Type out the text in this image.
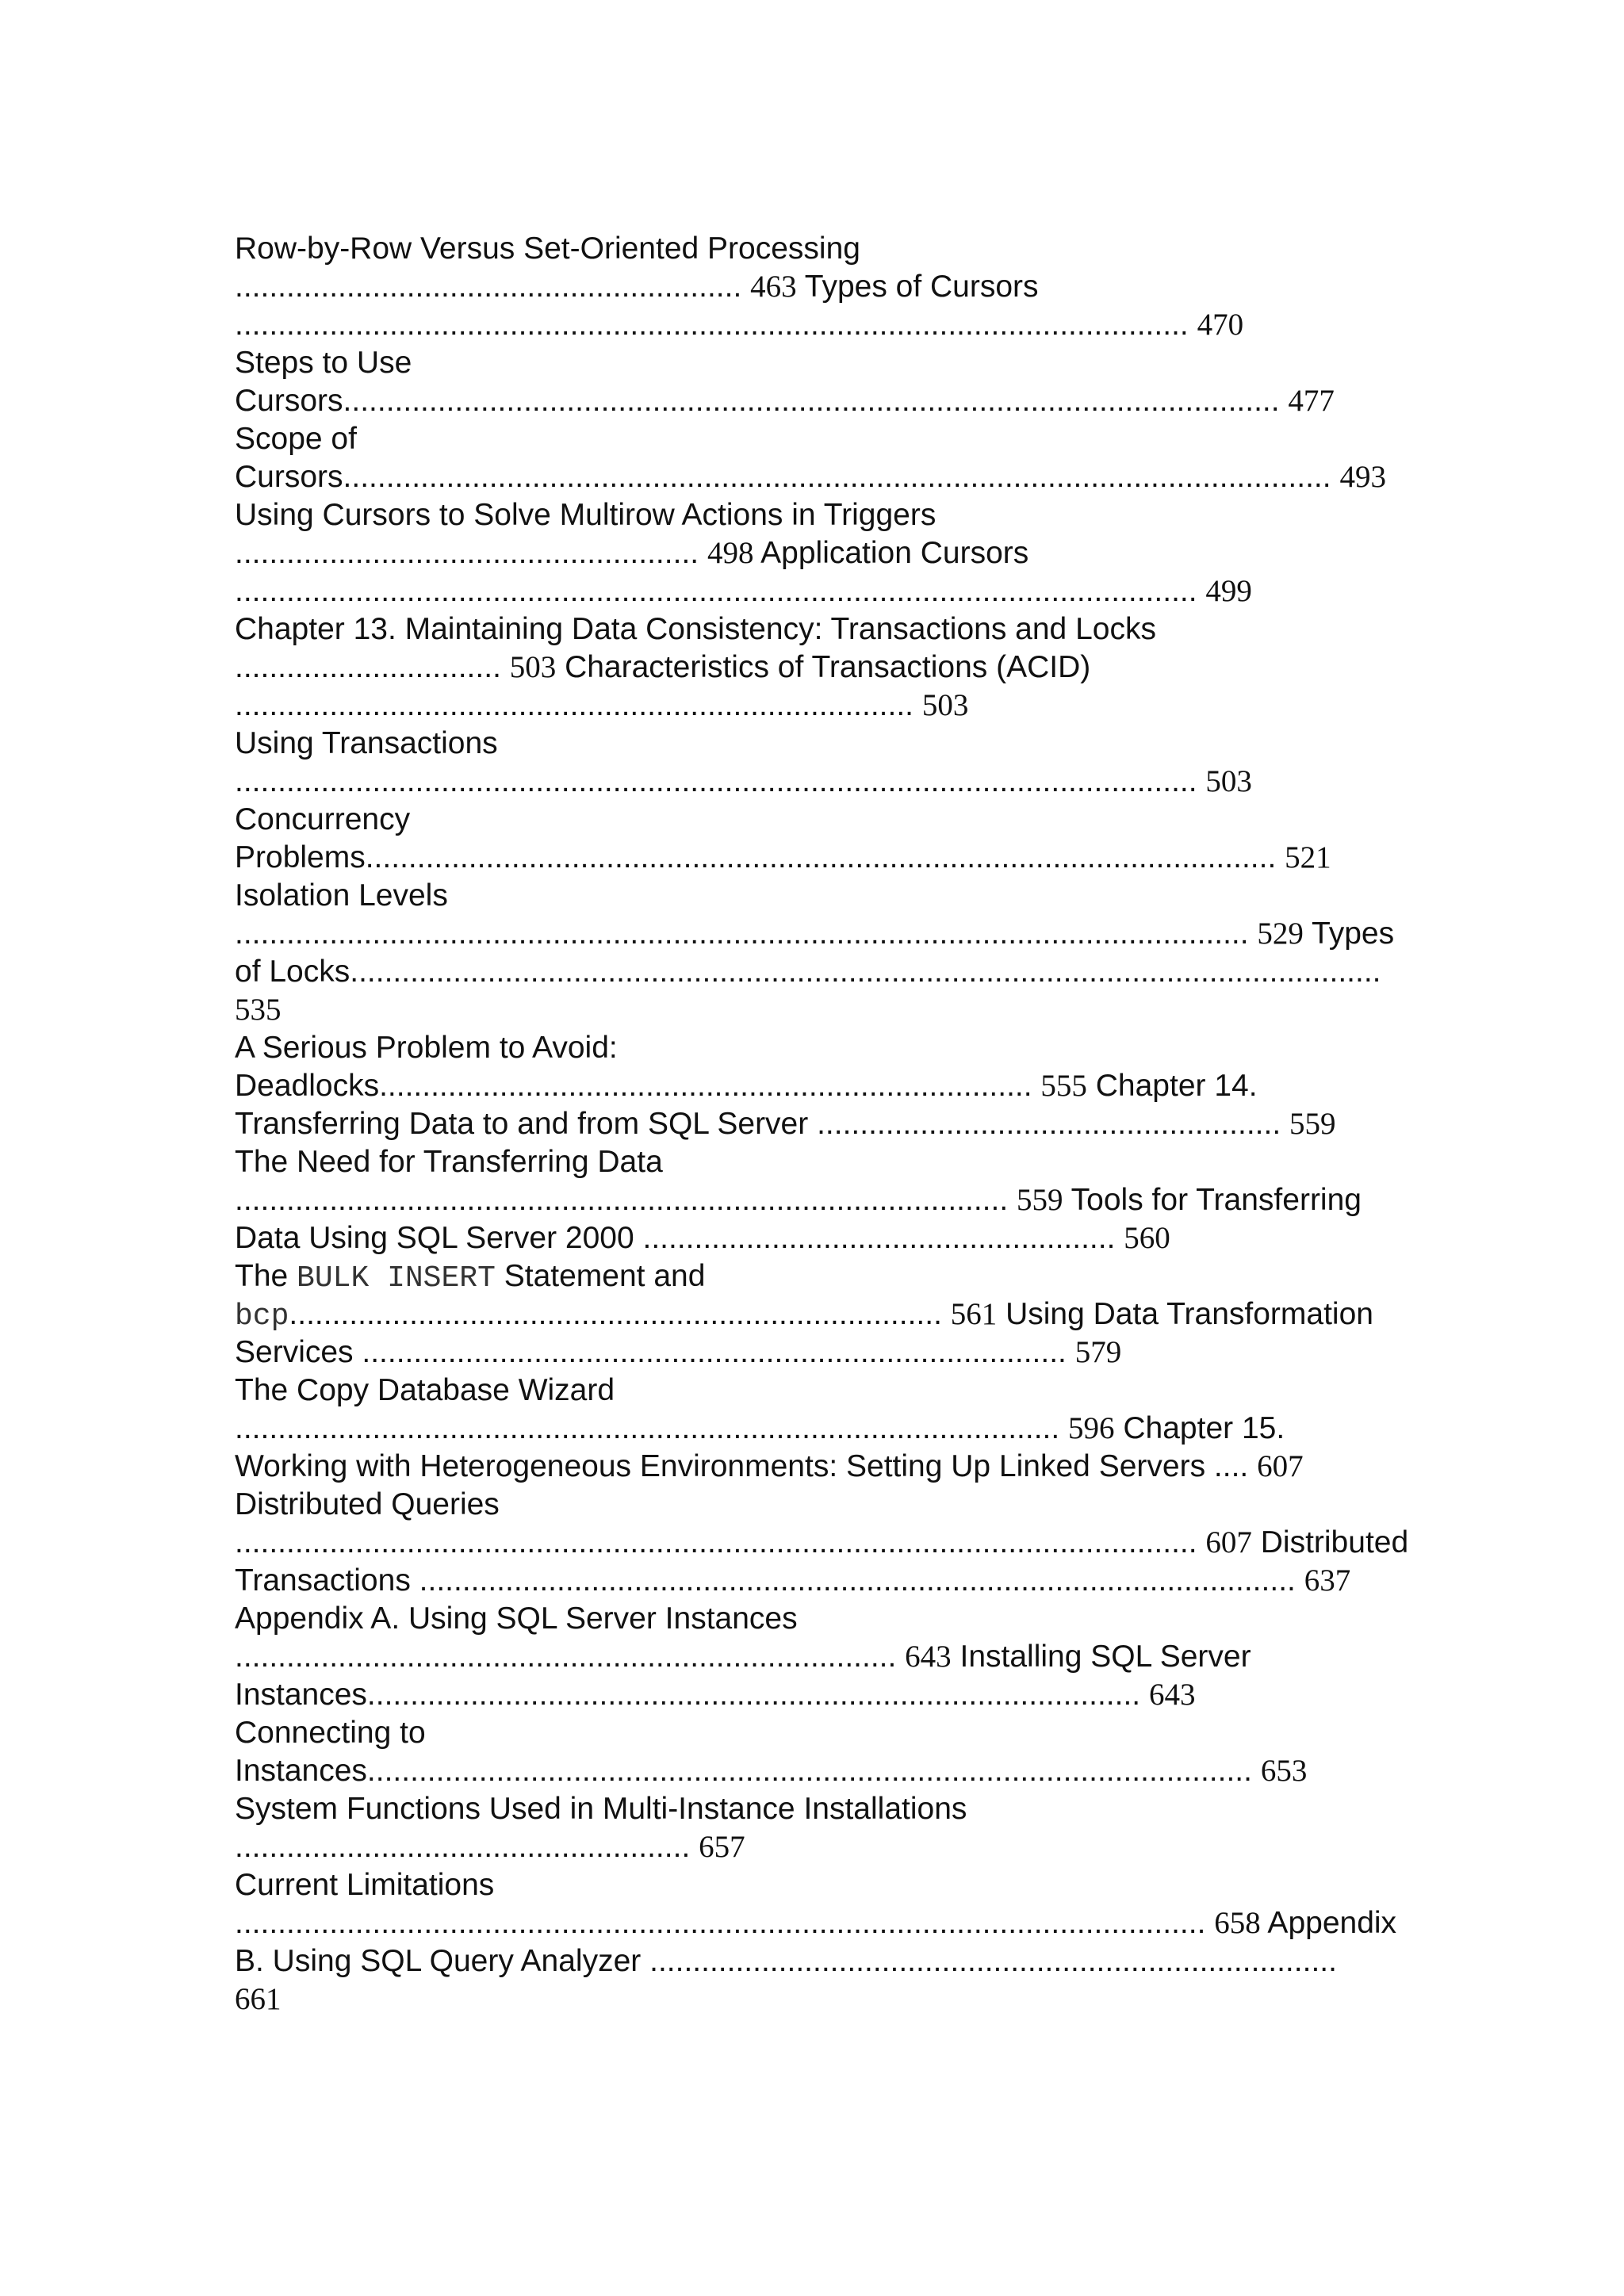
Row-by-Row Versus Set-Oriented Processing
........................................................... 463 Types of Cursors
............................................................................................................... 470
Steps to Use
Cursors............................................................................................................. 477
Scope of
Cursors................................................................................................................... 493
Using Cursors to Solve Multirow Actions in Triggers
...................................................... 498 Application Cursors
................................................................................................................ 499
Chapter 13. Maintaining Data Consistency: Transactions and Locks
............................... 503 Characteristics of Transactions (ACID)
............................................................................... 503
Using Transactions
................................................................................................................ 503
Concurrency
Problems.......................................................................................................... 521
Isolation Levels
...................................................................................................................... 529 Types
of Locks........................................................................................................................
535
A Serious Problem to Avoid:
Deadlocks............................................................................ 555 Chapter 14.
Transferring Data to and from SQL Server ...................................................... 559
The Need for Transferring Data
.......................................................................................... 559 Tools for Transferring
Data Using SQL Server 2000 ....................................................... 560
The BULK INSERT Statement and
bcp............................................................................ 561 Using Data Transformation
Services .................................................................................. 579
The Copy Database Wizard
................................................................................................ 596 Chapter 15.
Working with Heterogeneous Environments: Setting Up Linked Servers .... 607
Distributed Queries
................................................................................................................ 607 Distributed
Transactions ...................................................................................................... 637
Appendix A. Using SQL Server Instances
............................................................................. 643 Installing SQL Server
Instances.......................................................................................... 643
Connecting to
Instances....................................................................................................... 653
System Functions Used in Multi-Instance Installations
..................................................... 657
Current Limitations
................................................................................................................. 658 Appendix
B. Using SQL Query Analyzer ................................................................................
661
